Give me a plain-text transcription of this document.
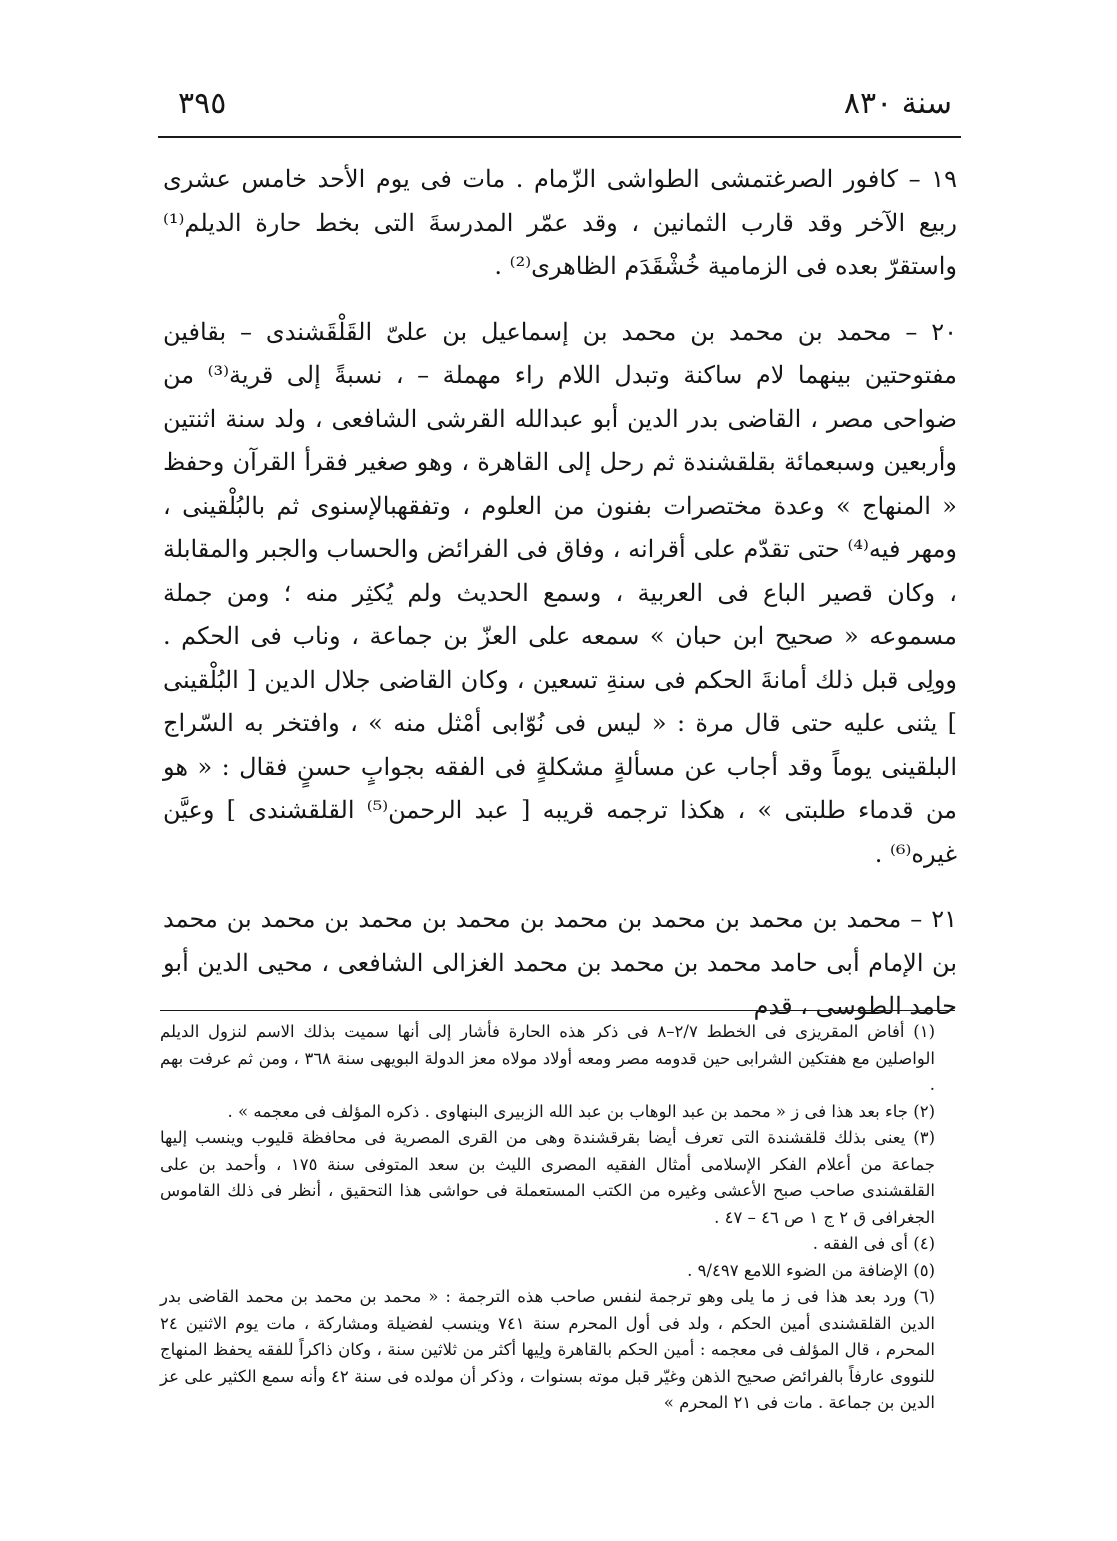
سنة ٨٣٠
٣٩٥

١٩ – كافور الصرغتمشى الطواشى الزّمام . مات فى يوم الأحد خامس عشرى ربيع الآخر وقد قارب الثمانين ، وقد عمّر المدرسةَ التى بخط حارة الديلم⁽¹⁾ واستقرّ بعده فى الزمامية خُشْقَدَم الظاهرى⁽²⁾ .

٢٠ – محمد بن محمد بن محمد بن إسماعيل بن علىّ القَلْقَشندى – بقافين مفتوحتين بينهما لام ساكنة وتبدل اللام راء مهملة – ، نسبةً إلى قرية⁽³⁾ من ضواحى مصر ، القاضى بدر الدين أبو عبدالله القرشى الشافعى ، ولد سنة اثنتين وأربعين وسبعمائة بقلقشندة ثم رحل إلى القاهرة ، وهو صغير فقرأ القرآن وحفظ « المنهاج » وعدة مختصرات بفنون من العلوم ، وتفقهبالإسنوى ثم بالبُلْقينى ، ومهر فيه⁽⁴⁾ حتى تقدّم على أقرانه ، وفاق فى الفرائض والحساب والجبر والمقابلة ، وكان قصير الباع فى العربية ، وسمع الحديث ولم يُكثِر منه ؛ ومن جملة مسموعه « صحيح ابن حبان » سمعه على العزّ بن جماعة ، وناب فى الحكم . وولِى قبل ذلك أمانةَ الحكم فى سنةِ تسعين ، وكان القاضى جلال الدين [ البُلْقينى ] يثنى عليه حتى قال مرة : « ليس فى نُوّابى أمْثل منه » ، وافتخر به السّراج البلقينى يوماً وقد أجاب عن مسألةٍ مشكلةٍ فى الفقه بجوابٍ حسنٍ فقال : « هو من قدماء طلبتى » ، هكذا ترجمه قريبه [ عبد الرحمن⁽⁵⁾ القلقشندى ] وعيَّن غيره⁽⁶⁾ .

٢١ – محمد بن محمد بن محمد بن محمد بن محمد بن محمد بن محمد بن محمد بن الإمام أبى حامد محمد بن محمد بن محمد الغزالى الشافعى ، محيى الدين أبو حامد الطوسى ، قدم

(١) أفاض المقريزى فى الخطط ٢/٧–٨ فى ذكر هذه الحارة فأشار إلى أنها سميت بذلك الاسم لنزول الديلم الواصلين مع هفتكين الشرابى حين قدومه مصر ومعه أولاد مولاه معز الدولة البويهى سنة ٣٦٨ ، ومن ثم عرفت بهم .

(٢) جاء بعد هذا فى ز « محمد بن عبد الوهاب بن عبد الله الزبيرى البنهاوى . ذكره المؤلف فى معجمه » .

(٣) يعنى بذلك قلقشندة التى تعرف أيضا بقرقشندة وهى من القرى المصرية فى محافظة قليوب وينسب إليها جماعة من أعلام الفكر الإسلامى أمثال الفقيه المصرى الليث بن سعد المتوفى سنة ١٧٥ ، وأحمد بن على القلقشندى صاحب صبح الأعشى وغيره من الكتب المستعملة فى حواشى هذا التحقيق ، أنظر فى ذلك القاموس الجغرافى ق ٢ ج ١ ص ٤٦ – ٤٧ .

(٤) أى فى الفقه .

(٥) الإضافة من الضوء اللامع ٩/٤٩٧ .

(٦) ورد بعد هذا فى ز ما يلى وهو ترجمة لنفس صاحب هذه الترجمة : « محمد بن محمد بن محمد القاضى بدر الدين القلقشندى أمين الحكم ، ولد فى أول المحرم سنة ٧٤١ وينسب لفضيلة ومشاركة ، مات يوم الاثنين ٢٤ المحرم ، قال المؤلف فى معجمه : أمين الحكم بالقاهرة ولِيها أكثر من ثلاثين سنة ، وكان ذاكراً للفقه يحفظ المنهاج للنووى عارفاً بالفرائض صحيح الذهن وغيّر قبل موته بسنوات ، وذكر أن مولده فى سنة ٤٢ وأنه سمع الكثير على عز الدين بن جماعة . مات فى ٢١ المحرم »
